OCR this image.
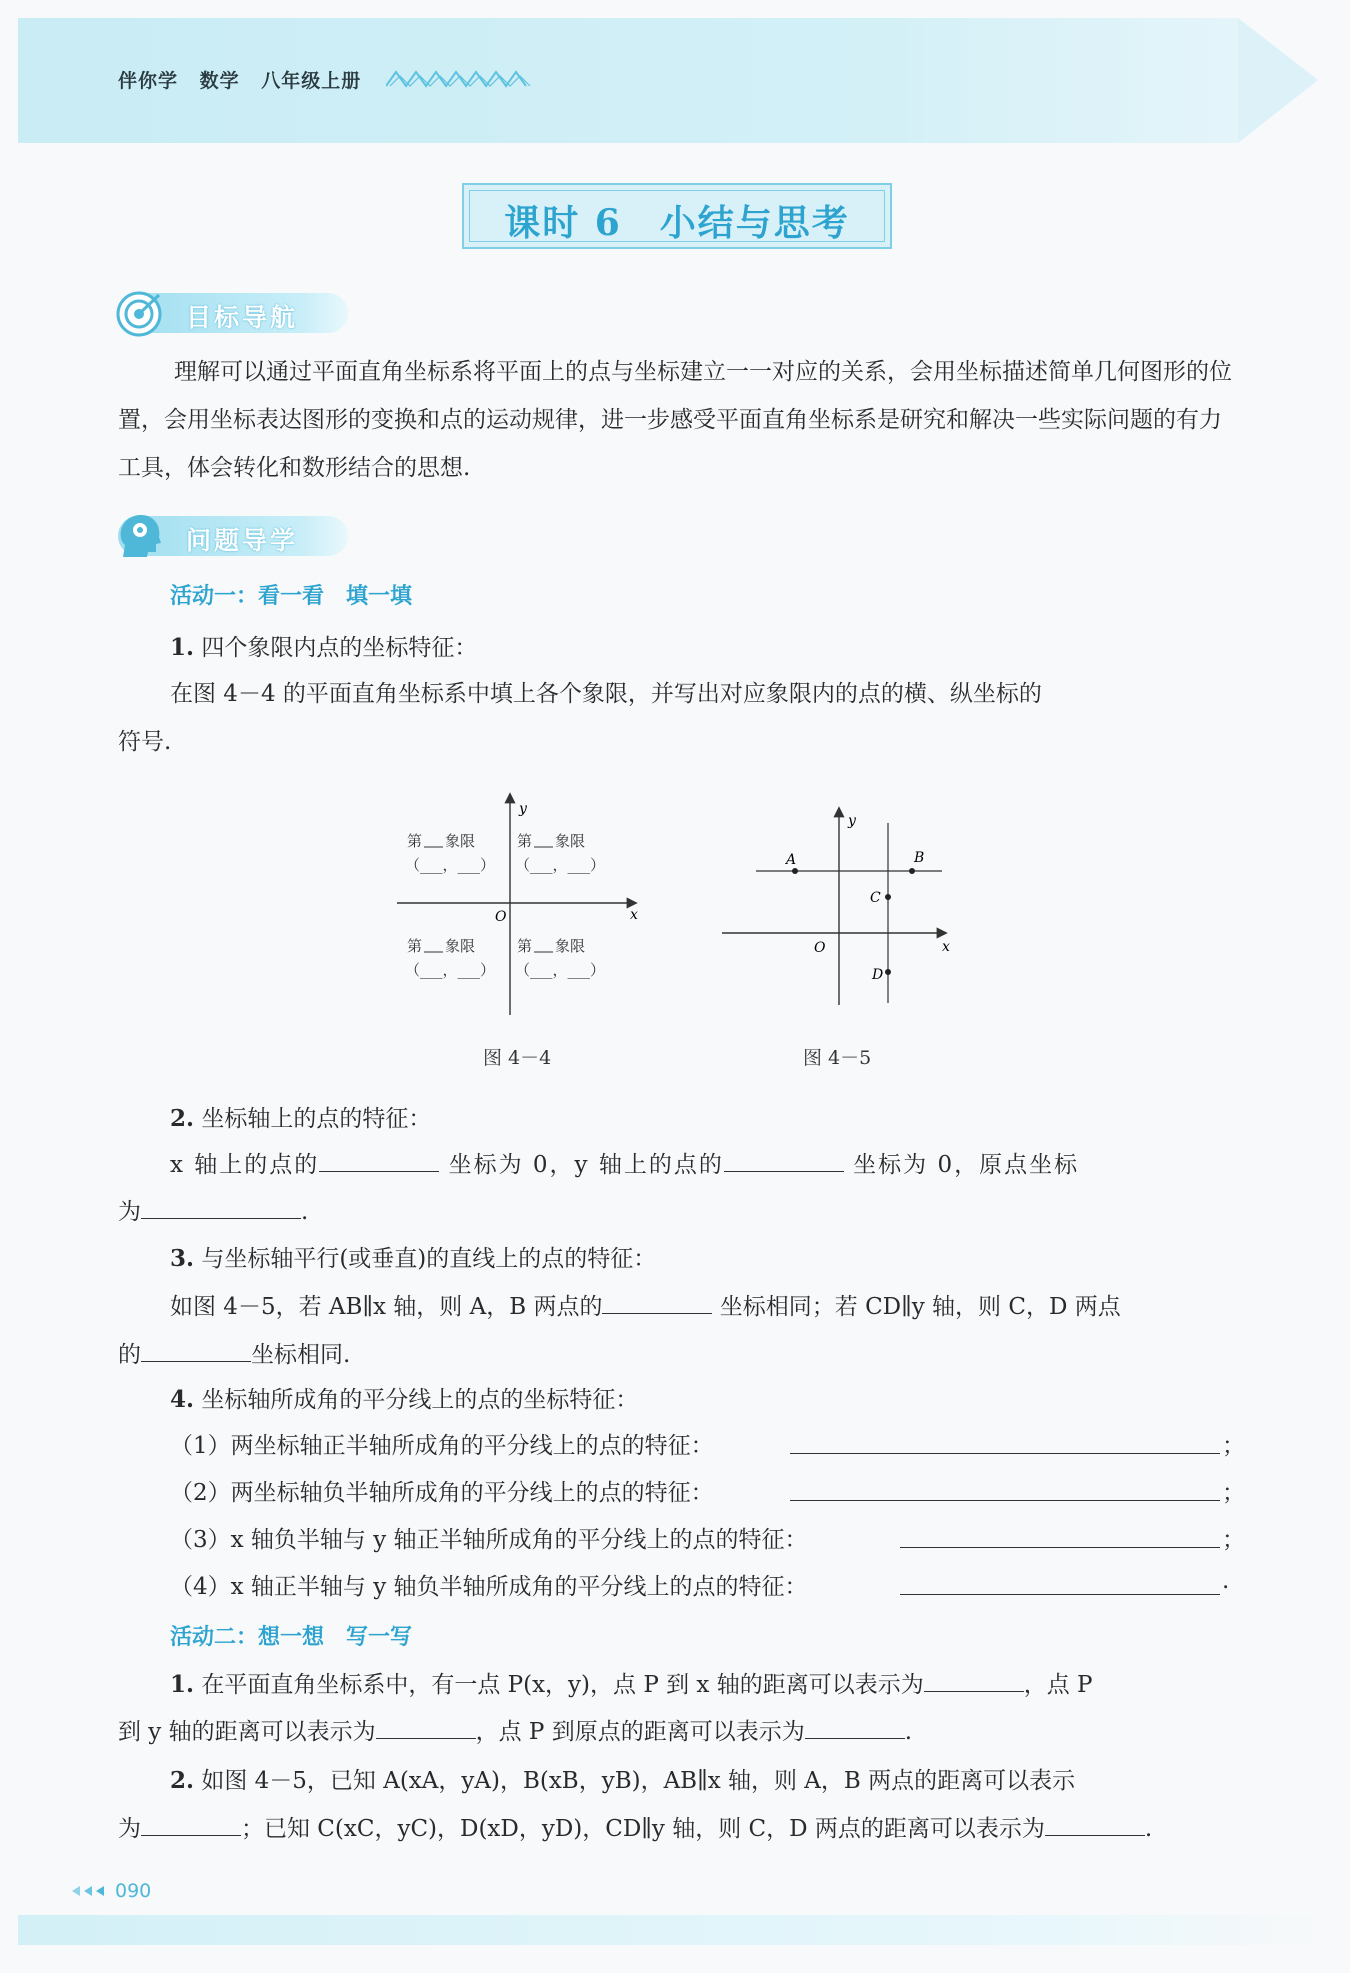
伴你学 数学 八年级上册
课时 6　小结与思考
目标导航
理解可以通过平面直角坐标系将平面上的点与坐标建立一一对应的关系，会用坐标描述简单几何图形的位置，会用坐标表达图形的变换和点的运动规律，进一步感受平面直角坐标系是研究和解决一些实际问题的有力工具，体会转化和数形结合的思想.
问题导学
活动一：看一看　填一填
1. 四个象限内点的坐标特征：
在图 4－4 的平面直角坐标系中填上各个象限，并写出对应象限内的点的横、纵坐标的
符号.
y
x
O
第 象限
（___，___）
第 象限
（___，___）
第 象限
（___，___）
第 象限
（___，___）
图 4－4
y
x
O
A	B
C
D
图 4－5
2. 坐标轴上的点的特征：
x 轴上的点的	坐标为 0，y 轴上的点的	坐标为 0，原点坐标
为	.
3. 与坐标轴平行(或垂直)的直线上的点的特征：
如图 4－5，若 AB∥x 轴，则 A，B 两点的	坐标相同；若 CD∥y 轴，则 C，D 两点
的	坐标相同.
4. 坐标轴所成角的平分线上的点的坐标特征：
（1）两坐标轴正半轴所成角的平分线上的点的特征：	；
（2）两坐标轴负半轴所成角的平分线上的点的特征：	；
（3）x 轴负半轴与 y 轴正半轴所成角的平分线上的点的特征：	；
（4）x 轴正半轴与 y 轴负半轴所成角的平分线上的点的特征：	.
活动二：想一想　写一写
1. 在平面直角坐标系中，有一点 P(x，y)，点 P 到 x 轴的距离可以表示为	，点 P
到 y 轴的距离可以表示为	，点 P 到原点的距离可以表示为	.
2. 如图 4－5，已知 A(xA，yA)，B(xB，yB)，AB∥x 轴，则 A，B 两点的距离可以表示
为	；已知 C(xC，yC)，D(xD，yD)，CD∥y 轴，则 C，D 两点的距离可以表示为	.
090
